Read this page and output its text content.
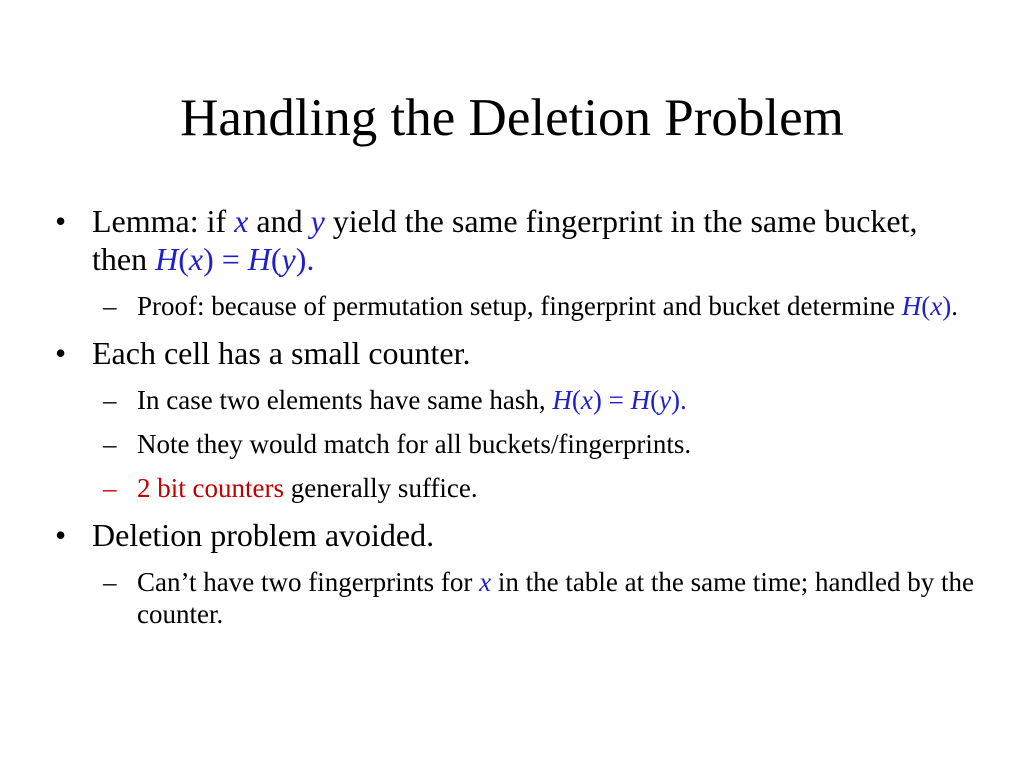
Handling the Deletion Problem
• Lemma: if x and y yield the same fingerprint in the same bucket, then H(x) = H(y).
– Proof: because of permutation setup, fingerprint and bucket determine H(x).
• Each cell has a small counter.
– In case two elements have same hash, H(x) = H(y).
– Note they would match for all buckets/fingerprints.
– 2 bit counters generally suffice.
• Deletion problem avoided.
– Can’t have two fingerprints for x in the table at the same time; handled by the counter.
